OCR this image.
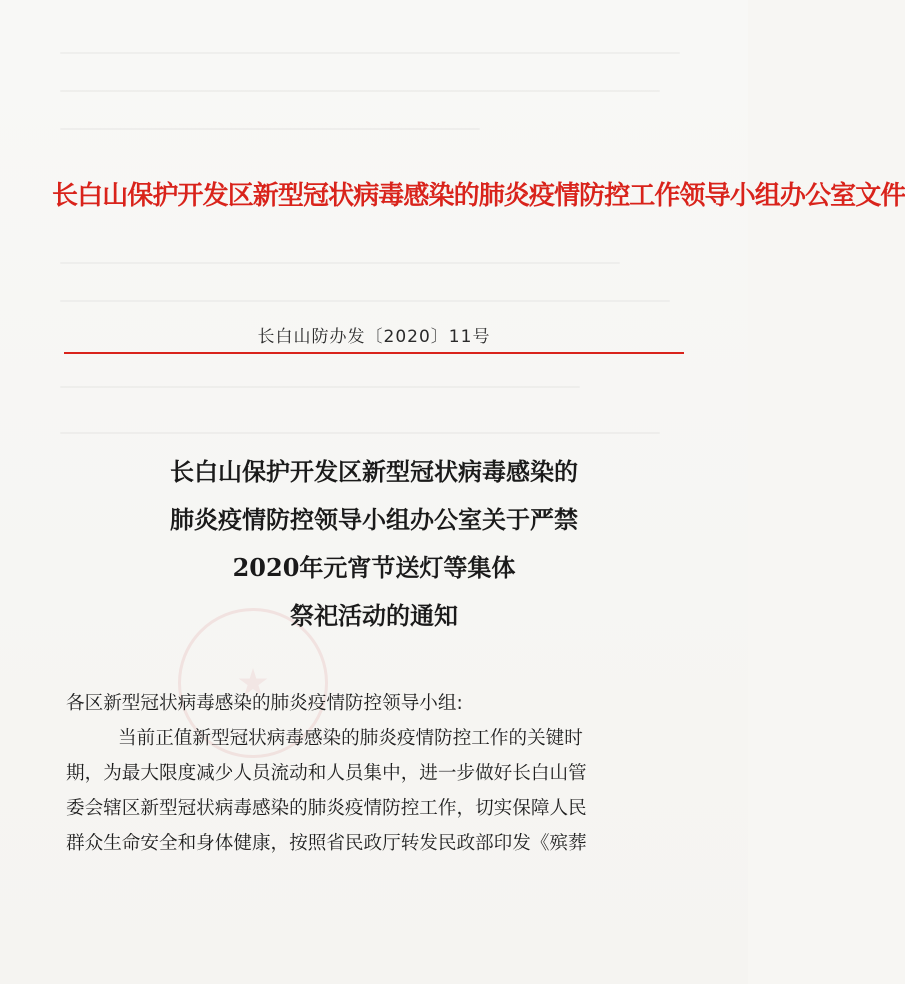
长白山保护开发区新型冠状病毒感染的肺炎疫情防控工作领导小组办公室文件
长白山防办发〔2020〕11号
长白山保护开发区新型冠状病毒感染的
肺炎疫情防控领导小组办公室关于严禁
2020年元宵节送灯等集体
祭祀活动的通知
各区新型冠状病毒感染的肺炎疫情防控领导小组:
当前正值新型冠状病毒感染的肺炎疫情防控工作的关键时
期，为最大限度减少人员流动和人员集中，进一步做好长白山管
委会辖区新型冠状病毒感染的肺炎疫情防控工作，切实保障人民
群众生命安全和身体健康，按照省民政厅转发民政部印发《殡葬
